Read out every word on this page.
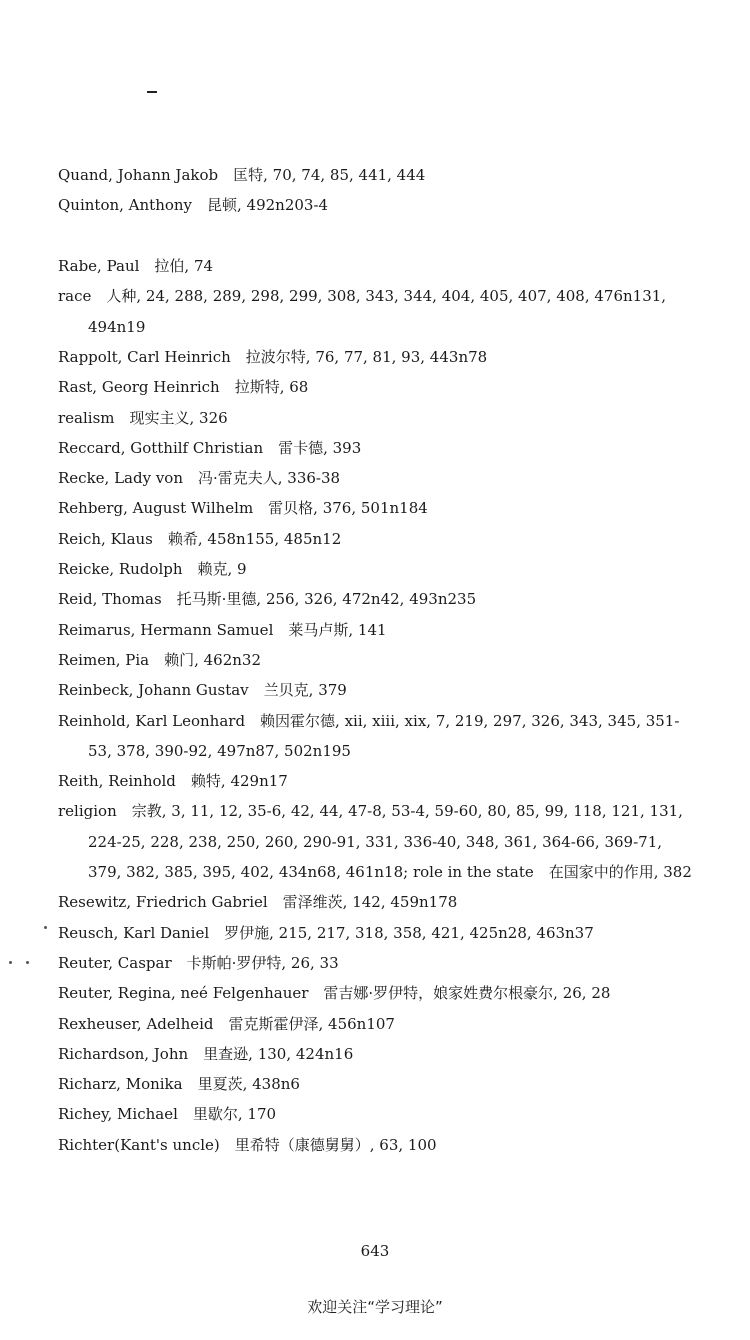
Quand, Johann Jakob　匡特, 70, 74, 85, 441, 444
Quinton, Anthony　昆顿, 492n203-4
Rabe, Paul　拉伯, 74
race　人种, 24, 288, 289, 298, 299, 308, 343, 344, 404, 405, 407, 408, 476n131, 494n19
Rappolt, Carl Heinrich　拉波尔特, 76, 77, 81, 93, 443n78
Rast, Georg Heinrich　拉斯特, 68
realism　现实主义, 326
Reccard, Gotthilf Christian　雷卡德, 393
Recke, Lady von　冯·雷克夫人, 336-38
Rehberg, August Wilhelm　雷贝格, 376, 501n184
Reich, Klaus　赖希, 458n155, 485n12
Reicke, Rudolph　赖克, 9
Reid, Thomas　托马斯·里德, 256, 326, 472n42, 493n235
Reimarus, Hermann Samuel　莱马卢斯, 141
Reimen, Pia　赖门, 462n32
Reinbeck, Johann Gustav　兰贝克, 379
Reinhold, Karl Leonhard　赖因霍尔德, xii, xiii, xix, 7, 219, 297, 326, 343, 345, 351-53, 378, 390-92, 497n87, 502n195
Reith, Reinhold　赖特, 429n17
religion　宗教, 3, 11, 12, 35-6, 42, 44, 47-8, 53-4, 59-60, 80, 85, 99, 118, 121, 131, 224-25, 228, 238, 250, 260, 290-91, 331, 336-40, 348, 361, 364-66, 369-71, 379, 382, 385, 395, 402, 434n68, 461n18; role in the state　在国家中的作用, 382
Resewitz, Friedrich Gabriel　雷泽维茨, 142, 459n178
Reusch, Karl Daniel　罗伊施, 215, 217, 318, 358, 421, 425n28, 463n37
Reuter, Caspar　卡斯帕·罗伊特, 26, 33
Reuter, Regina, neé Felgenhauer　雷吉娜·罗伊特，娘家姓费尔根豪尔, 26, 28
Rexheuser, Adelheid　雷克斯霍伊泽, 456n107
Richardson, John　里查逊, 130, 424n16
Richarz, Monika　里夏茨, 438n6
Richey, Michael　里歇尔, 170
Richter(Kant's uncle)　里希特（康德舅舅）, 63, 100
643
欢迎关注“学习理论”
